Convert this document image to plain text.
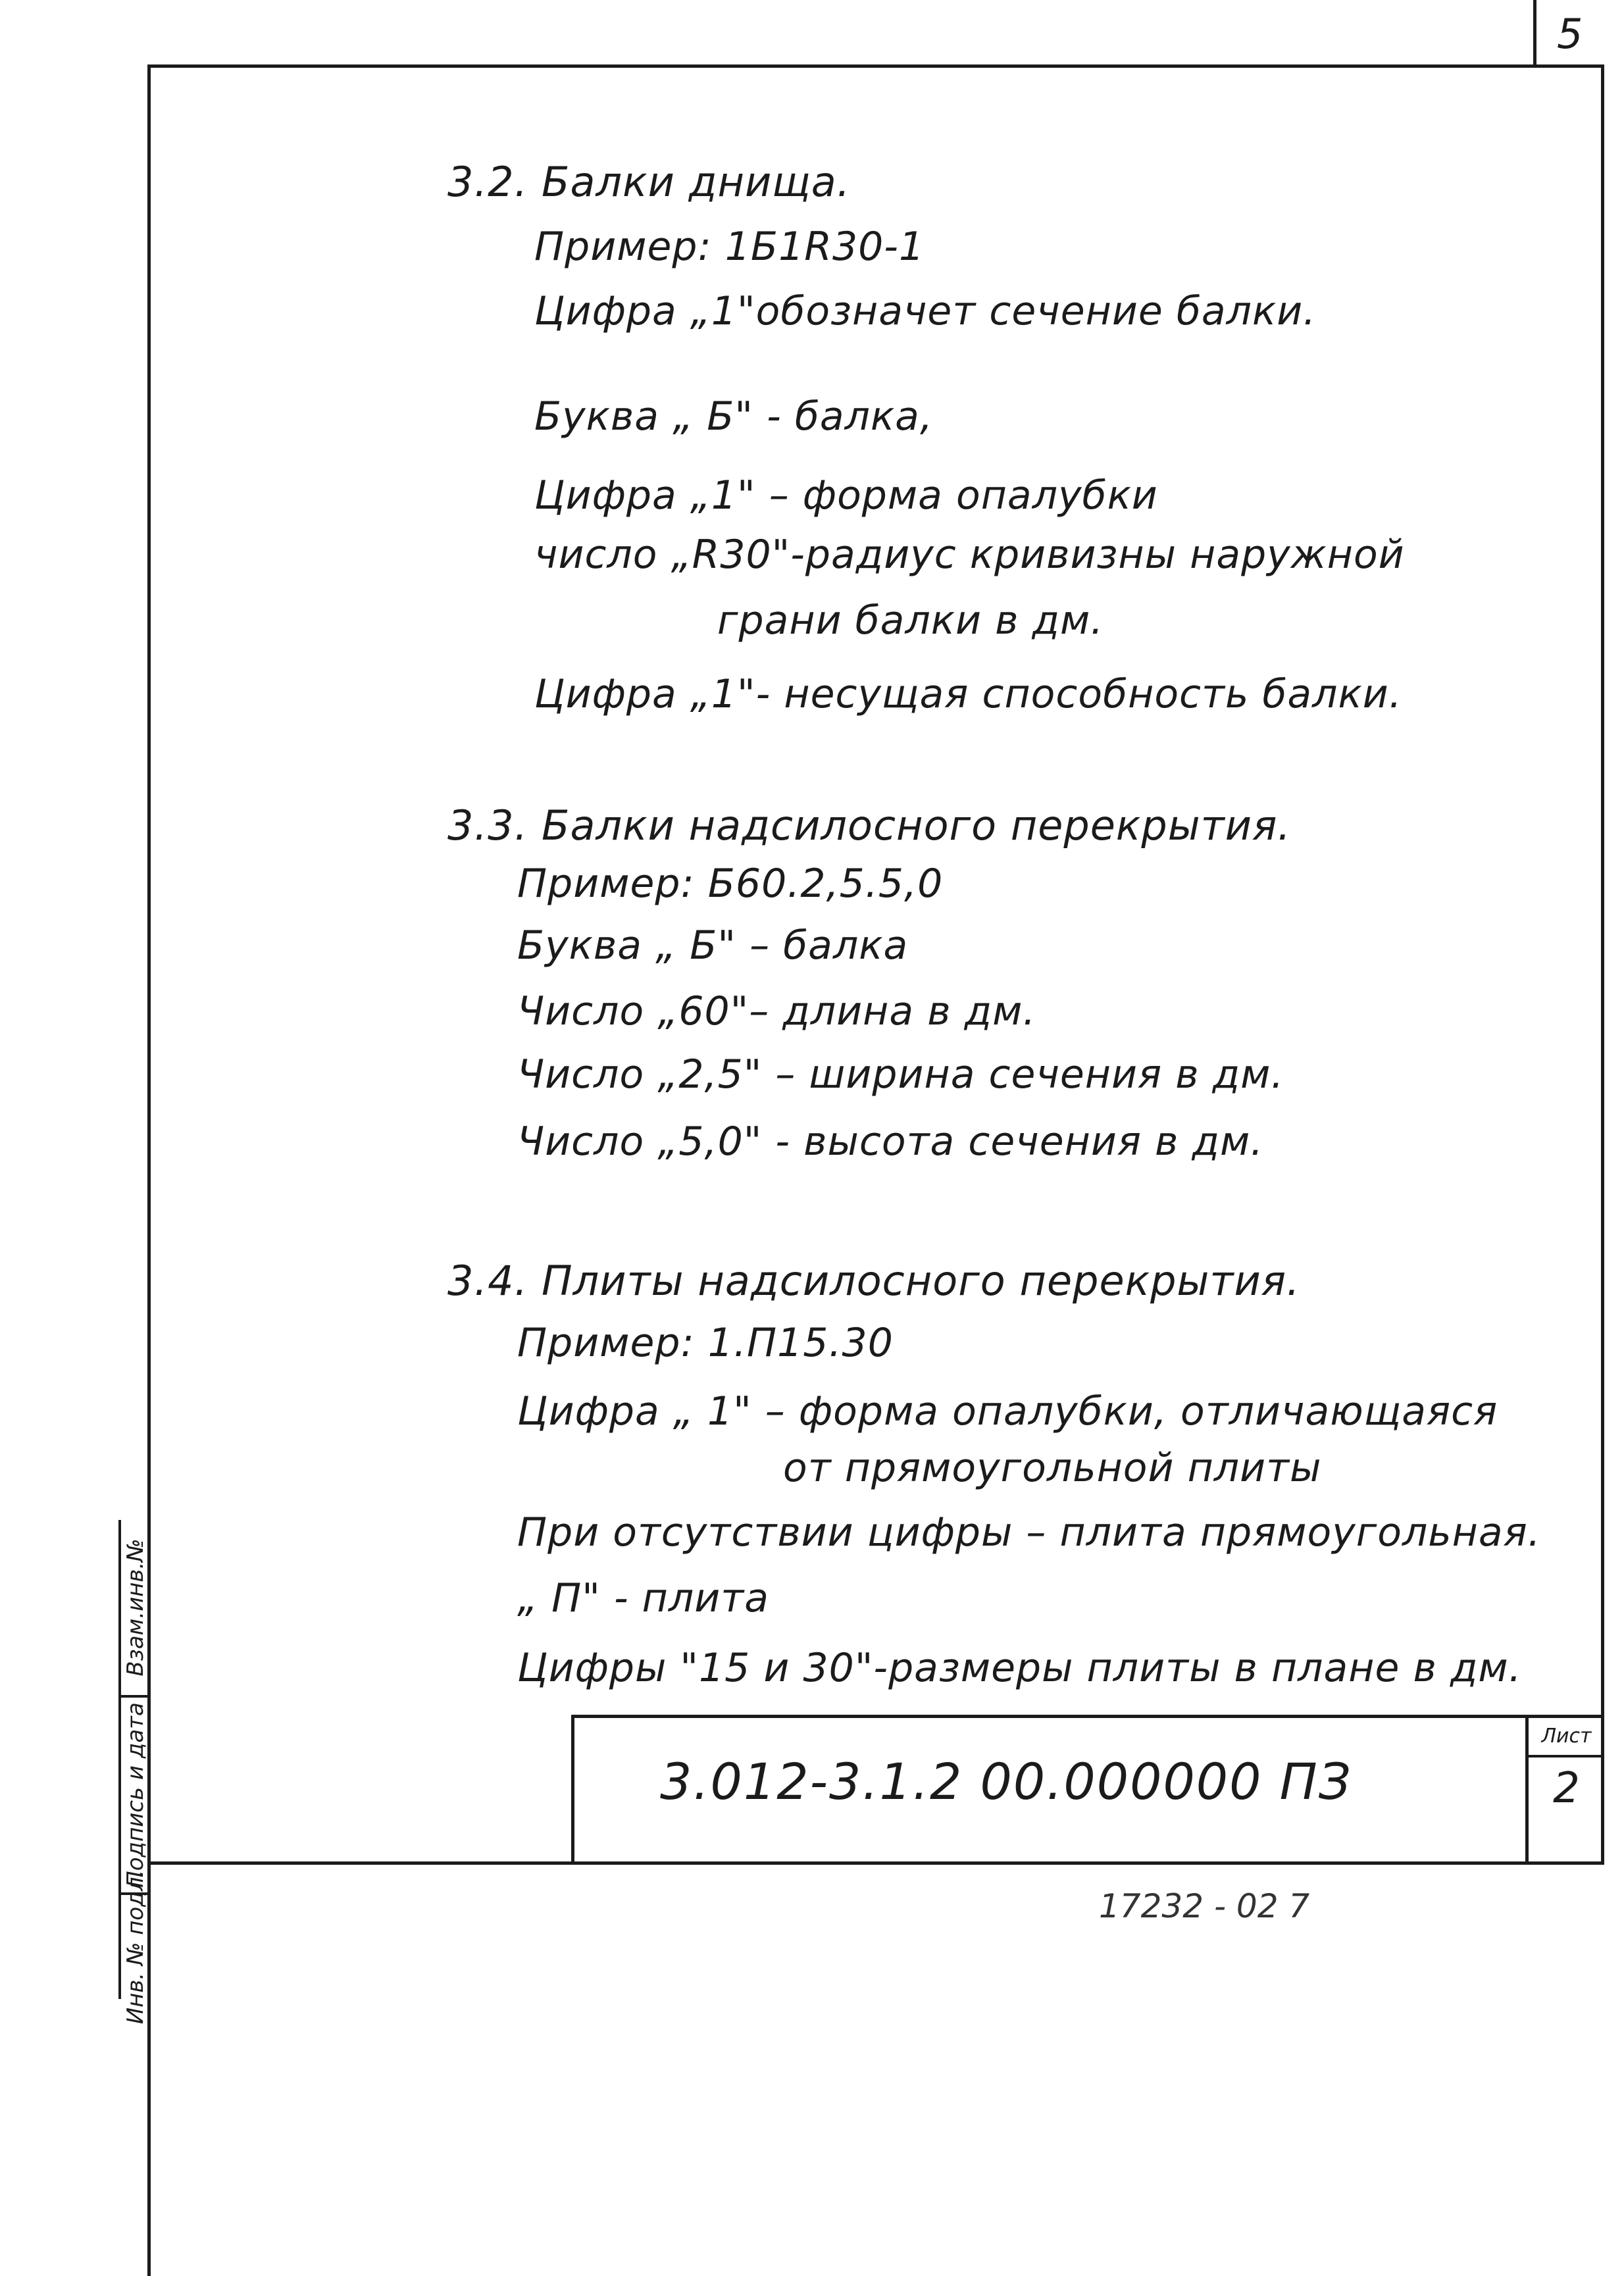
5
3.2. Балки днища.
Пример: 1Б1R30-1
Цифра „1"обозначет сечение балки.
Буква „ Б" - балка,
Цифра „1" – форма опалубки
число „R30"-радиус кривизны наружной
грани балки в дм.
Цифра „1"- несущая способность балки.
3.3. Балки надсилосного перекрытия.
Пример: Б60.2,5.5,0
Буква „ Б" – балка
Число „60"– длина в дм.
Число „2,5" – ширина сечения в дм.
Число „5,0" - высота сечения в дм.
3.4. Плиты надсилосного перекрытия.
Пример: 1.П15.30
Цифра „ 1" – форма опалубки, отличающаяся
от прямоугольной плиты
При отсутствии цифры – плита прямоугольная.
„ П" - плита
Цифры "15 и 30"-размеры плиты в плане в дм.
Взам.инв.№
Подпись и дата
Инв. № подл.
3.012-3.1.2 00.000000 ПЗ
Лист
2
17232 - 02 7
